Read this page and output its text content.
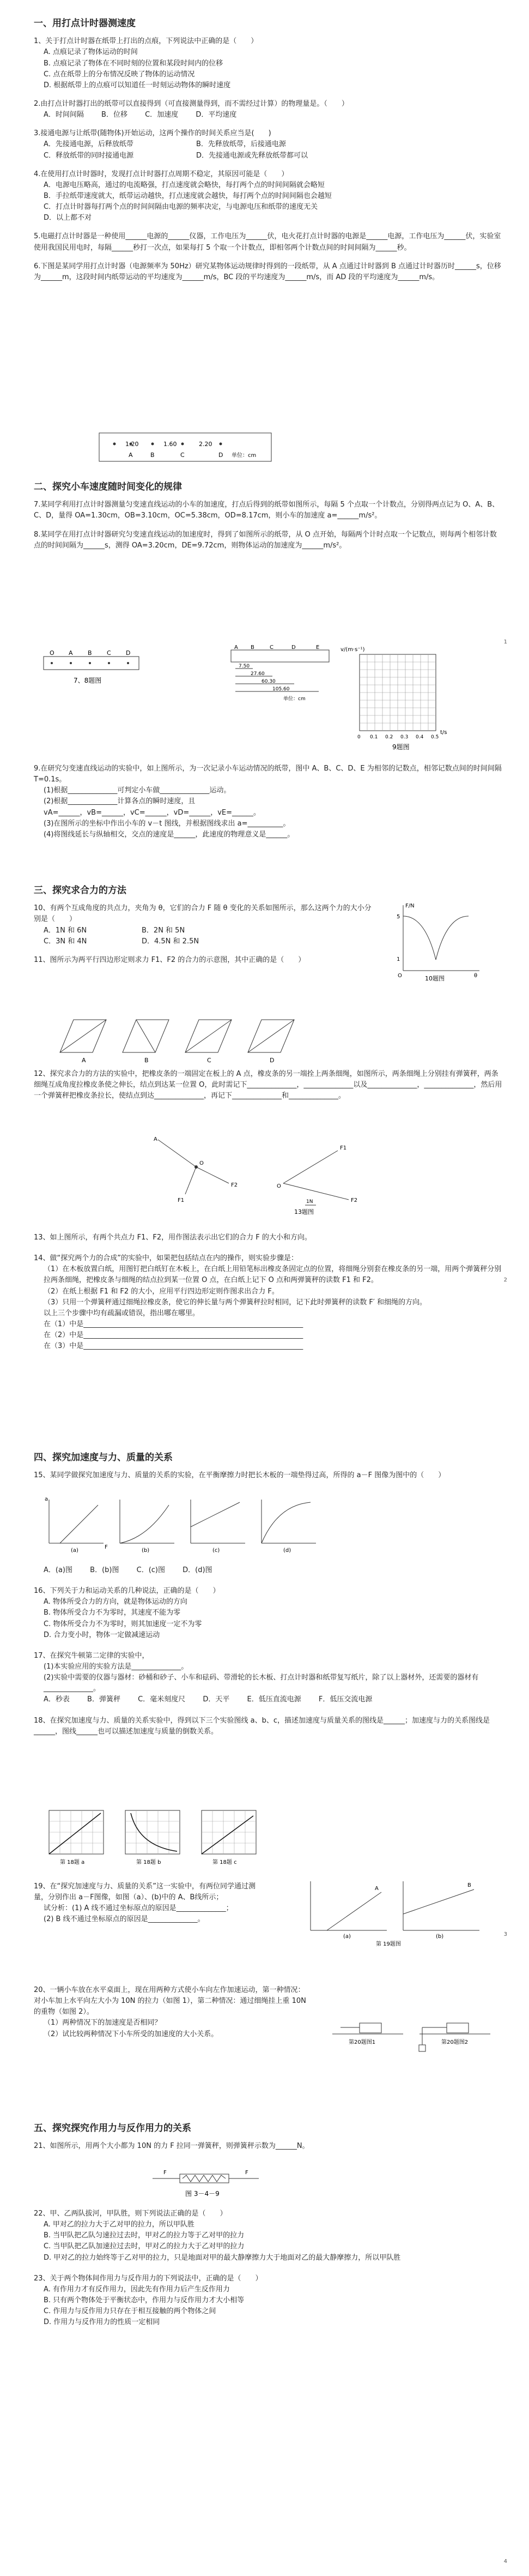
一、用打点计时器测速度
1、关于打点计时器在纸带上打出的点痕，下列说法中正确的是（　　）
A. 点痕记录了物体运动的时间
B. 点痕记录了物体在不同时刻的位置和某段时间内的位移
C. 点在纸带上的分布情况反映了物体的运动情况
D. 根据纸带上的点痕可以知道任一时刻运动物体的瞬时速度
2.由打点计时器打出的纸带可以直接得到（可直接测量得到，而不需经过计算）的物理量是。（　　）
A．时间间隔 B．位移 C．加速度 D．平均速度
3.接通电源与让纸带(随物体)开始运动，这两个操作的时间关系应当是(　　)
A．先接通电源，后释放纸带	B．先释放纸带，后接通电源
C．释放纸带的同时接通电源	D．先接通电源或先释放纸带都可以
4.在使用打点计时器时，发现打点计时器打点周期不稳定，其原因可能是（　　）
A．电源电压略高，通过的电流略强，打点速度就会略快，每打两个点的时间间隔就会略短
B．手拉纸带速度就大，纸带运动越快，打点速度就会越快，每打两个点的时间间隔也会越短
C．打点计时器每打两个点的时间间隔由电源的频率决定，与电源电压和纸带的速度无关
D．以上都不对
5.电磁打点计时器是一种使用______电源的______仪器，工作电压为______伏，电火花打点计时器的电源是______电源，工作电压为______伏，实验室使用我国民用电时，每隔______秒打一次点，如果每打 5 个取一个计数点，即相邻两个计数点间的时间间隔为______秒。
6.下图是某同学用打点计时器（电源频率为 50Hz）研究某物体运动规律时得到的一段纸带，从 A 点通过计时器到 B 点通过计时器历时______s，位移为______m，这段时间内纸带运动的平均速度为______m/s，BC 段的平均速度为______m/s，而 AD 段的平均速度为______m/s。
1.20	1.60	2.20
A	B	C	D 单位：cm
二、探究小车速度随时间变化的规律
7.某同学利用打点计时器测量匀变速直线运动的小车的加速度，打点后得到的纸带如图所示，每隔 5 个点取一个计数点，分别得两点记为 O、A、B、C、D，量得 OA=1.30cm，OB=3.10cm，OC=5.38cm，OD=8.17cm，则小车的加速度 a=______m/s²。
8.某同学在用打点计时器研究匀变速直线运动的加速度时，得到了如图所示的纸带，从 O 点开始，每隔两个计时点取一个记数点，则每两个相邻计数点的时间间隔为______s，测得 OA=3.20cm，DE=9.72cm，则物体运动的加速度为______m/s²。
O A B C D
7、8题图
A B	C	D	E
7.50
27.60
60.30
105.60
单位：cm
v/(m·s⁻¹)
t/s
0 0.1 0.2 0.3 0.4 0.5
9题图
9.在研究匀变速直线运动的实验中，如上图所示，为一次记录小车运动情况的纸带，图中 A、B、C、D、E 为相邻的记数点，相邻记数点间的时间间隔 T=0.1s。
(1)根据______________可判定小车做______________运动。
(2)根据______________计算各点的瞬时速度，且
vA=______，vB=______，vC=______，vD=______，vE=______。
(3)在图所示的坐标中作出小车的 v－t 图线，并根据图线求出 a=__________。
(4)将图线延长与纵轴相交，交点的速度是______，此速度的物理意义是______。
三、探究求合力的方法
10、有两个互成角度的共点力，夹角为 θ，它们的合力 F 随 θ 变化的关系如图所示，那么这两个力的大小分别是（　　）
A．1N 和 6N	B．2N 和 5N
C．3N 和 4N	D．4.5N 和 2.5N
11、图所示为两平行四边形定则求力 F1、F2 的合力的示意图，其中正确的是（　　）
F/N
5
1
O	θ
10题图
A	B	C	D
12、探究求合力的方法的实验中，把橡皮条的一端固定在板上的 A 点，橡皮条的另一端拴上两条细绳，如图所示，两条细绳上分别挂有弹簧秤，两条细绳互成角度拉橡皮条使之伸长，结点到达某一位置 O，此时需记下______________，______________以及______________，______________，然后用一个弹簧秤把橡皮条拉长，使结点到达______________，再记下______________和______________。
A
O
F1
F2
F1
F2
O
1N
13题图
13、如上图所示，有两个共点力 F1、F2，用作图法表示出它们的合力 F 的大小和方向。
14、做“探究两个力的合成”的实验中，如果把包括结点在内的操作，则实验步骤是：
（1）在木板放置白纸，用图钉把白纸钉在木板上，在白纸上用铅笔标出橡皮条固定点的位置，将细绳分别套在橡皮条的另一端，用两个弹簧秤分别拉两条细绳，把橡皮条与细绳的结点拉到某一位置 O 点，在白纸上记下 O 点和两弹簧秤的读数 F1 和 F2。
（2）在纸上根据 F1 和 F2 的大小，应用平行四边形定则作图求出合力 F。
（3）只用一个弹簧秤通过细绳拉橡皮条，使它的伸长量与两个弹簧秤拉时相同，记下此时弹簧秤的读数 F′ 和细绳的方向。
以上三个步骤中均有疏漏或错误，指出哪在哪里。
在（1）中是______________________________________________________________
在（2）中是______________________________________________________________
在（3）中是______________________________________________________________
四、探究加速度与力、质量的关系
15、某同学做探究加速度与力、质量的关系的实验，在平衡摩擦力时把长木板的一端垫得过高，所得的 a－F 图像为图中的（　　）
a
F
(a)	(b)	(c)	(d)
A．(a)图 B．(b)图 C．(c)图 D．(d)图
16、下列关于力和运动关系的几种说法，正确的是（　　）
A. 物体所受合力的方向，就是物体运动的方向
B. 物体所受合力不为零时，其速度不能为零
C. 物体所受合力不为零时，则其加速度一定不为零
D. 合力变小时，物体一定做减速运动
17、在探究牛顿第二定律的实验中，
(1)本实验应用的实验方法是______________。
(2)实验中需要的仪器与器材：砂桶和砂子、小车和砝码、带滑轮的长木板、打点计时器和纸带复写纸片，除了以上器材外，还需要的器材有______________。
A．秒表 B．弹簧秤 C．毫米刻度尺 D．天平 E．低压直流电源 F．低压交流电源
18、在探究加速度与力、质量的关系实验中，得到以下三个实验图线 a、b、c，描述加速度与质量关系的图线是______；加速度与力的关系图线是______，图线______也可以描述加速度与质量的倒数关系。
第 18题 a	第 18题 b	第 18题 c
19、在“探究加速度与力、质量的关系”这一实验中，有两位同学通过测量，分别作出 a－F图像，如图（a）、(b)中的 A、B线所示；
试分析：(1) A 线不通过坐标原点的原因是______________；
(2) B 线不通过坐标原点的原因是______________。
A
B
(a)	(b)
第 19题图
20、一辆小车放在水平桌面上，现在用两种方式使小车向左作加速运动，第一种情况：对小车加上水平向左大小为 10N 的拉力（如图 1），第二种情况：通过细绳挂上重 10N 的重物（如图 2）。
（1）两种情况下的加速度是否相同？
（2）试比较两种情况下小车所受的加速度的大小关系。
第20题图1	第20题图2
五、探究探究作用力与反作用力的关系
21、如图所示，用两个大小都为 10N 的力 F 拉同一弹簧秤，则弹簧秤示数为______N。
F	F
图 3－4－9
22、甲、乙两队拔河，甲队胜，则下列说法正确的是（　　）
A. 甲对乙的拉力大于乙对甲的拉力，所以甲队胜
B. 当甲队把乙队匀速拉过去时，甲对乙的拉力等于乙对甲的拉力
C. 当甲队把乙队加速拉过去时，甲对乙的拉力大于乙对甲的拉力
D. 甲对乙的拉力始终等于乙对甲的拉力，只是地面对甲的最大静摩擦力大于地面对乙的最大静摩擦力，所以甲队胜
23、关于两个物体间作用力与反作用力的下列说法中，正确的是（　　）
A. 有作用力才有反作用力，因此先有作用力后产生反作用力
B. 只有两个物体处于平衡状态中，作用力与反作用力才大小相等
C. 作用力与反作用力只存在于相互接触的两个物体之间
D. 作用力与反作用力的性质一定相同
1
2
3
4
